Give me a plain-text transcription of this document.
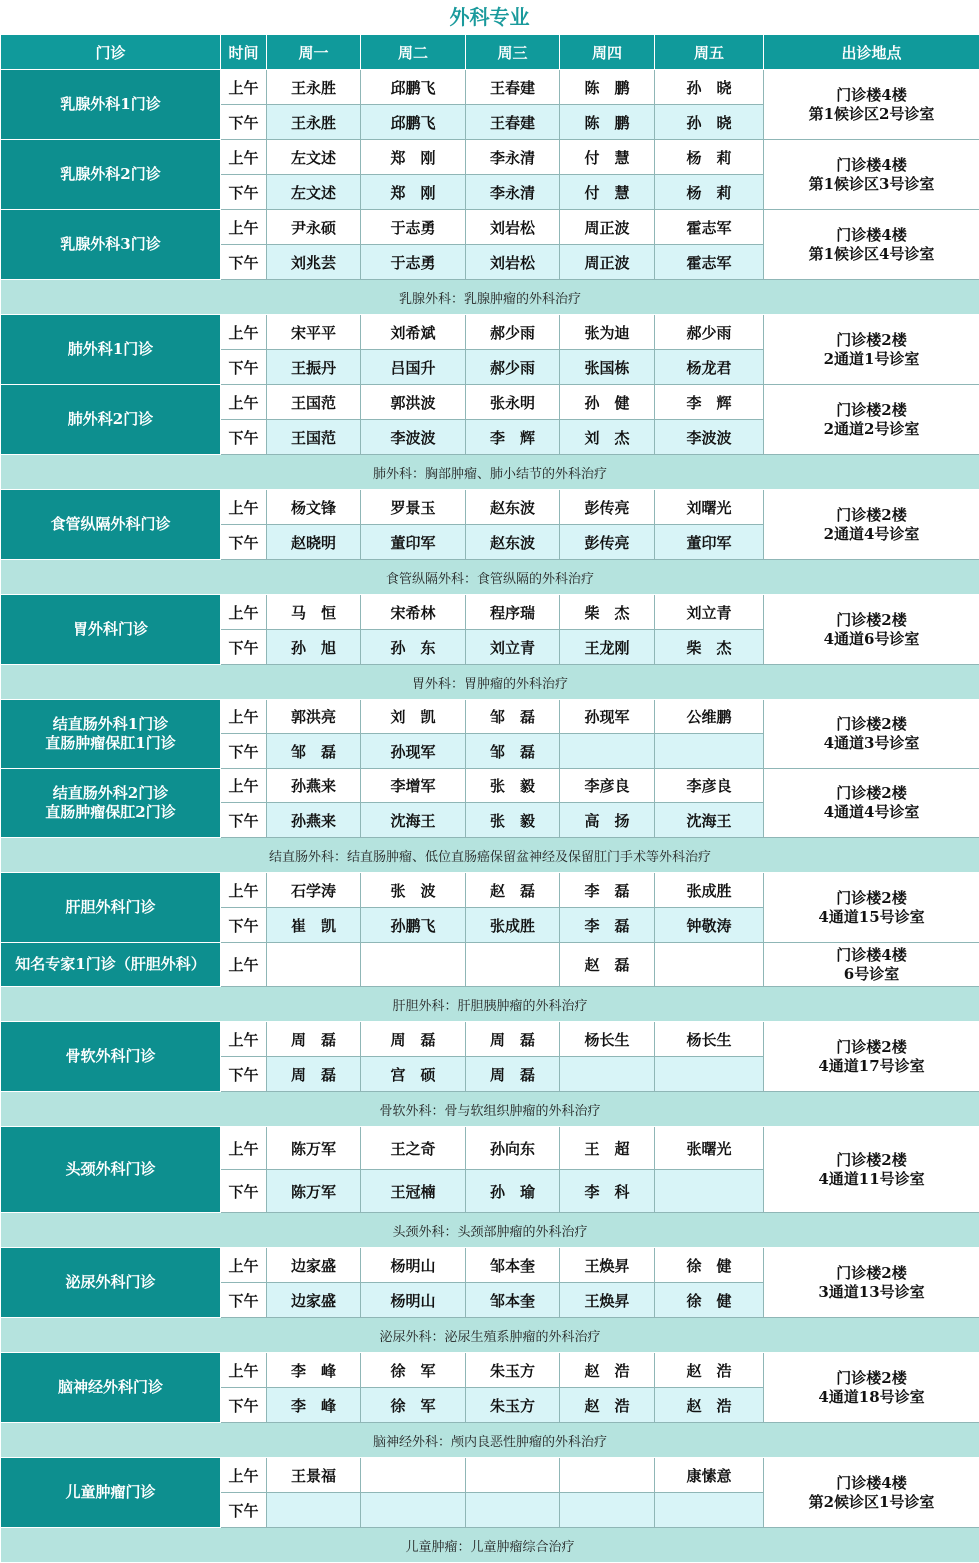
外科专业
门诊	时间	周一	周二	周三	周四	周五	出诊地点

乳腺外科1门诊	上午	王永胜	邱鹏飞	王春建	陈　鹏	孙　晓	门诊楼4楼
第1候诊区2号诊室

	下午	王永胜	邱鹏飞	王春建	陈　鹏	孙　晓	

乳腺外科2门诊	上午	左文述	郑　刚	李永清	付　慧	杨　莉	门诊楼4楼
第1候诊区3号诊室

	下午	左文述	郑　刚	李永清	付　慧	杨　莉	

乳腺外科3门诊	上午	尹永硕	于志勇	刘岩松	周正波	霍志军	门诊楼4楼
第1候诊区4号诊室

	下午	刘兆芸	于志勇	刘岩松	周正波	霍志军	
乳腺外科：乳腺肿瘤的外科治疗							

肺外科1门诊	上午	宋平平	刘希斌	郝少雨	张为迪	郝少雨	门诊楼2楼
2通道1号诊室

	下午	王振丹	吕国升	郝少雨	张国栋	杨龙君	

肺外科2门诊	上午	王国范	郭洪波	张永明	孙　健	李　辉	门诊楼2楼
2通道2号诊室

	下午	王国范	李波波	李　辉	刘　杰	李波波	
肺外科：胸部肿瘤、肺小结节的外科治疗							

食管纵隔外科门诊	上午	杨文锋	罗景玉	赵东波	彭传亮	刘曙光	门诊楼2楼
2通道4号诊室

	下午	赵晓明	董印军	赵东波	彭传亮	董印军	
食管纵隔外科：食管纵隔的外科治疗							

胃外科门诊	上午	马　恒	宋希林	程序瑞	柴　杰	刘立青	门诊楼2楼
4通道6号诊室

	下午	孙　旭	孙　东	刘立青	王龙刚	柴　杰	
胃外科：胃肿瘤的外科治疗							

结直肠外科1门诊
直肠肿瘤保肛1门诊	上午	郭洪亮	刘　凯	邹　磊	孙现军	公维鹏	门诊楼2楼
4通道3号诊室

	下午	邹　磊	孙现军	邹　磊			

结直肠外科2门诊
直肠肿瘤保肛2门诊	上午	孙燕来	李增军	张　毅	李彦良	李彦良	门诊楼2楼
4通道4号诊室

	下午	孙燕来	沈海王	张　毅	高　扬	沈海王	
结直肠外科：结直肠肿瘤、低位直肠癌保留盆神经及保留肛门手术等外科治疗							

肝胆外科门诊	上午	石学涛	张　波	赵　磊	李　磊	张成胜	门诊楼2楼
4通道15号诊室

	下午	崔　凯	孙鹏飞	张成胜	李　磊	钟敬涛	

知名专家1门诊（肝胆外科）	上午				赵　磊		门诊楼4楼
6号诊室

肝胆外科：肝胆胰肿瘤的外科治疗							

骨软外科门诊	上午	周　磊	周　磊	周　磊	杨长生	杨长生	门诊楼2楼
4通道17号诊室

	下午	周　磊	宫　硕	周　磊			
骨软外科：骨与软组织肿瘤的外科治疗							

头颈外科门诊	上午	陈万军	王之奇	孙向东	王　超	张曙光	门诊楼2楼
4通道11号诊室

	下午	陈万军	王冠楠	孙　瑜	李　科		
头颈外科：头颈部肿瘤的外科治疗							

泌尿外科门诊	上午	边家盛	杨明山	邹本奎	王焕昇	徐　健	门诊楼2楼
3通道13号诊室

	下午	边家盛	杨明山	邹本奎	王焕昇	徐　健	
泌尿外科：泌尿生殖系肿瘤的外科治疗							

脑神经外科门诊	上午	李　峰	徐　军	朱玉方	赵　浩	赵　浩	门诊楼2楼
4通道18号诊室

	下午	李　峰	徐　军	朱玉方	赵　浩	赵　浩	
脑神经外科：颅内良恶性肿瘤的外科治疗							

儿童肿瘤门诊	上午	王景福				康愫意	门诊楼4楼
第2候诊区1号诊室

	下午						
儿童肿瘤：儿童肿瘤综合治疗							
